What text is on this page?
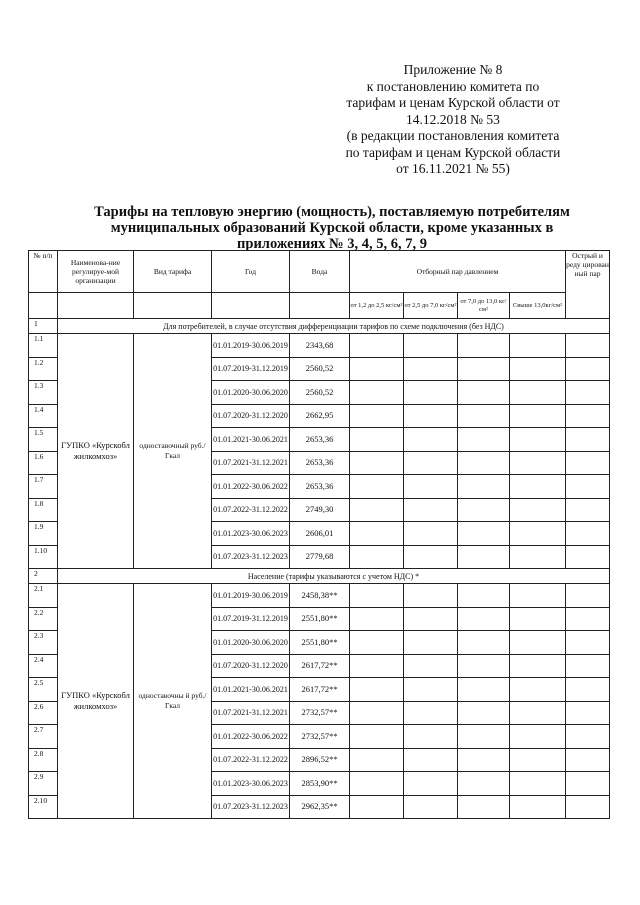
Приложение № 8
к постановлению комитета по
тарифам и ценам Курской области от
14.12.2018 № 53
(в редакции постановления комитета
по тарифам и ценам Курской области
от 16.11.2021 № 55)
Тарифы на тепловую энергию (мощность), поставляемую потребителям
муниципальных образований Курской области, кроме указанных в
приложениях № 3, 4, 5, 6, 7, 9
№ п/п	Наименова-ние регулируе-мой организации	Вид тарифа	Год	Вода	Отборный пар давлением				Острый и реду цирован ный пар
					от 1,2 до 2,5 кг/см²	от 2,5 до 7,0 кг/см²	от 7,0 до 13,0 кг/см²	Свыше 13,0кг/см²	
1	Для потребителей, в случае отсутствия дифференциации тарифов по схеме подключения (без НДС)								
1.1	ГУПКО «Курскобл жилкомхоз»	одноставочный руб./Гкал	01.01.2019-30.06.2019	2343,68					
1.2			01.07.2019-31.12.2019	2560,52					
1.3			01.01.2020-30.06.2020	2560,52					
1.4			01.07.2020-31.12.2020	2662,95					
1.5			01.01.2021-30.06.2021	2653,36					
1.6			01.07.2021-31.12.2021	2653,36					
1.7			01.01.2022-30.06.2022	2653,36					
1.8			01.07.2022-31.12.2022	2749,30					
1.9			01.01.2023-30.06.2023	2606,01					
1.10			01.07.2023-31.12.2023	2779,68					
2	Население (тарифы указываются с учетом НДС) *								
2.1	ГУПКО «Курскобл жилкомхоз»	одноставочны й руб./Гкал	01.01.2019-30.06.2019	2458,38**					
2.2			01.07.2019-31.12.2019	2551,80**					
2.3			01.01.2020-30.06.2020	2551,80**					
2.4			01.07.2020-31.12.2020	2617,72**					
2.5			01.01.2021-30.06.2021	2617,72**					
2.6			01.07.2021-31.12.2021	2732,57**					
2.7			01.01.2022-30.06.2022	2732,57**					
2.8			01.07.2022-31.12.2022	2896,52**					
2.9			01.01.2023-30.06.2023	2853,90**					
2.10			01.07.2023-31.12.2023	2962,35**					
